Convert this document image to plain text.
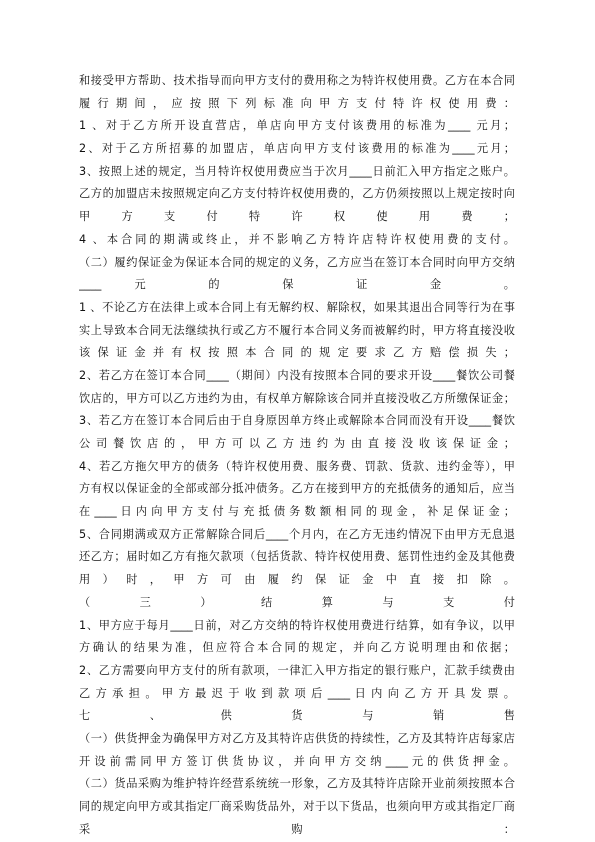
和接受甲方帮助、技术指导而向甲方支付的费用称之为特许权使用费。乙方在本合同
履 行 期 间 ， 应 按 照 下 列 标 准 向 甲 方 支 付 特 许 权 使 用 费 ：
1 、对于乙方所开设直营店，单店向甲方支付该费用的标准为____ 元月；
2、对于乙方所招募的加盟店，单店向甲方支付该费用的标准为____元月；
3、按照上述的规定，当月特许权使用费应当于次月____日前汇入甲方指定之账户。
乙方的加盟店未按照规定向乙方支付特许权使用费的，乙方仍须按照以上规定按时向
甲 方 支 付 特 许 权 使 用 费 ；
4 、本合同的期满或终止，并不影响乙方特许店特许权使用费的支付。
（二）履约保证金为保证本合同的规定的义务，乙方应当在签订本合同时向甲方交纳
____ 元 的 保 证 金 。
1 、不论乙方在法律上或本合同上有无解约权、解除权，如果其退出合同等行为在事
实上导致本合同无法继续执行或乙方不履行本合同义务而被解约时，甲方将直接没收
该 保 证 金 并 有 权 按 照 本 合 同 的 规 定 要 求 乙 方 赔 偿 损 失 ；
2、若乙方在签订本合同____（期间）内没有按照本合同的要求开设____餐饮公司餐
饮店的，甲方可以乙方违约为由，有权单方解除该合同并直接没收乙方所缴保证金；
3、若乙方在签订本合同后由于自身原因单方终止或解除本合同而没有开设____餐饮
公 司 餐 饮 店 的 ， 甲 方 可 以 乙 方 违 约 为 由 直 接 没 收 该 保 证 金 ；
4、若乙方拖欠甲方的债务（特许权使用费、服务费、罚款、货款、违约金等），甲
方有权以保证金的全部或部分抵冲债务。乙方在接到甲方的充抵债务的通知后，应当
在 ____ 日 内 向 甲 方 支 付 与 充 抵 债 务 数 额 相 同 的 现 金 ， 补 足 保 证 金 ；
5、合同期满或双方正常解除合同后____个月内，在乙方无违约情况下由甲方无息退
还乙方；届时如乙方有拖欠款项（包括货款、特许权使用费、惩罚性违约金及其他费
用 ） 时 ， 甲 方 可 由 履 约 保 证 金 中 直 接 扣 除 。
（ 三 ） 结 算 与 支 付
1、甲方应于每月____日前，对乙方交纳的特许权使用费进行结算，如有争议，以甲
方确认的结果为准，但应符合本合同的规定，并向乙方说明理由和依据；
2、乙方需要向甲方支付的所有款项，一律汇入甲方指定的银行账户，汇款手续费由
乙 方 承 担 。 甲 方 最 迟 于 收 到 款 项 后 ____ 日 内 向 乙 方 开 具 发 票 。
七 、 供 货 与 销 售
（一）供货押金为确保甲方对乙方及其特许店供货的持续性，乙方及其特许店每家店
开 设 前 需 同 甲 方 签 订 供 货 协 议 ， 并 向 甲 方 交 纳 ____ 元 的 供 货 押 金 。
（二）货品采购为维护特许经营系统统一形象，乙方及其特许店除开业前须按照本合
同的规定向甲方或其指定厂商采购货品外，对于以下货品，也须向甲方或其指定厂商
采 购 ：
